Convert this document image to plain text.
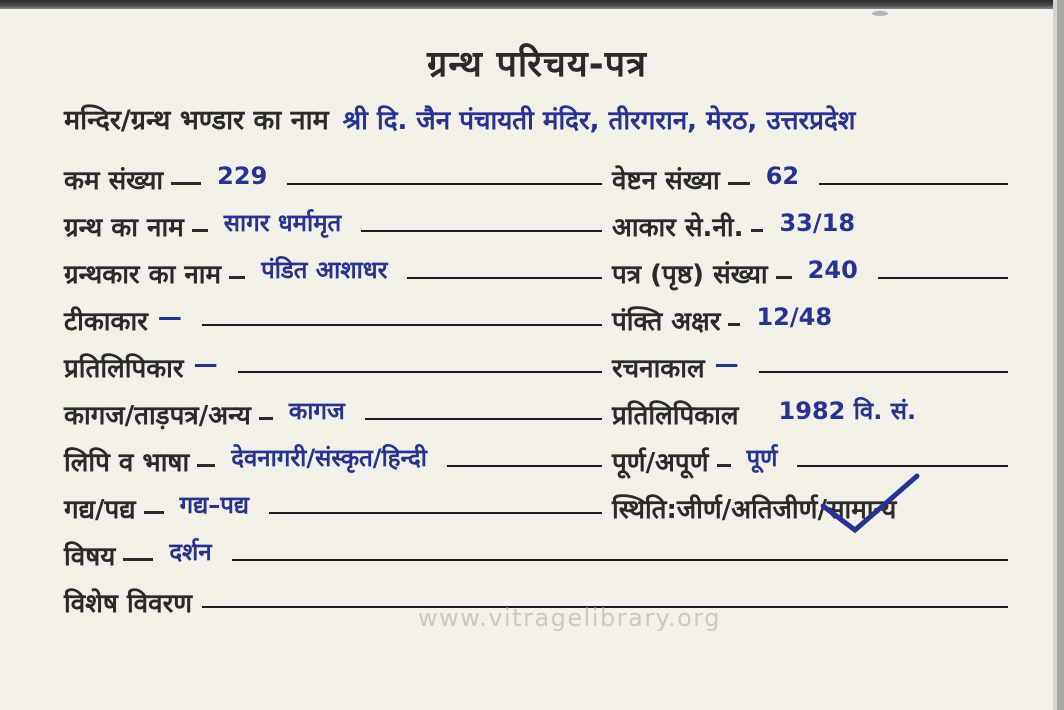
ग्रन्थ परिचय-पत्र
मन्दिर/ग्रन्थ भण्डार का नाम श्री दि. जैन पंचायती मंदिर, तीरगरान, मेरठ, उत्तरप्रदेश
कम संख्या 229	वेष्टन संख्या 62
ग्रन्थ का नाम सागर धर्मामृत	आकार से.नी. 33/18
ग्रन्थकार का नाम पंडित आशाधर	पत्र (पृष्ठ) संख्या 240
टीकाकार —	पंक्ति अक्षर 12/48
प्रतिलिपिकार —	रचनाकाल —
कागज/ताड़पत्र/अन्य कागज	प्रतिलिपिकाल 1982 वि. सं.
लिपि व भाषा देवनागरी/संस्कृत/हिन्दी	पूर्ण/अपूर्ण पूर्ण
गद्य/पद्य गद्य–पद्य	स्थिति:जीर्ण/अतिजीर्ण/ सामान्य
विषय दर्शन
विशेष विवरण	www.vitragelibrary.org
